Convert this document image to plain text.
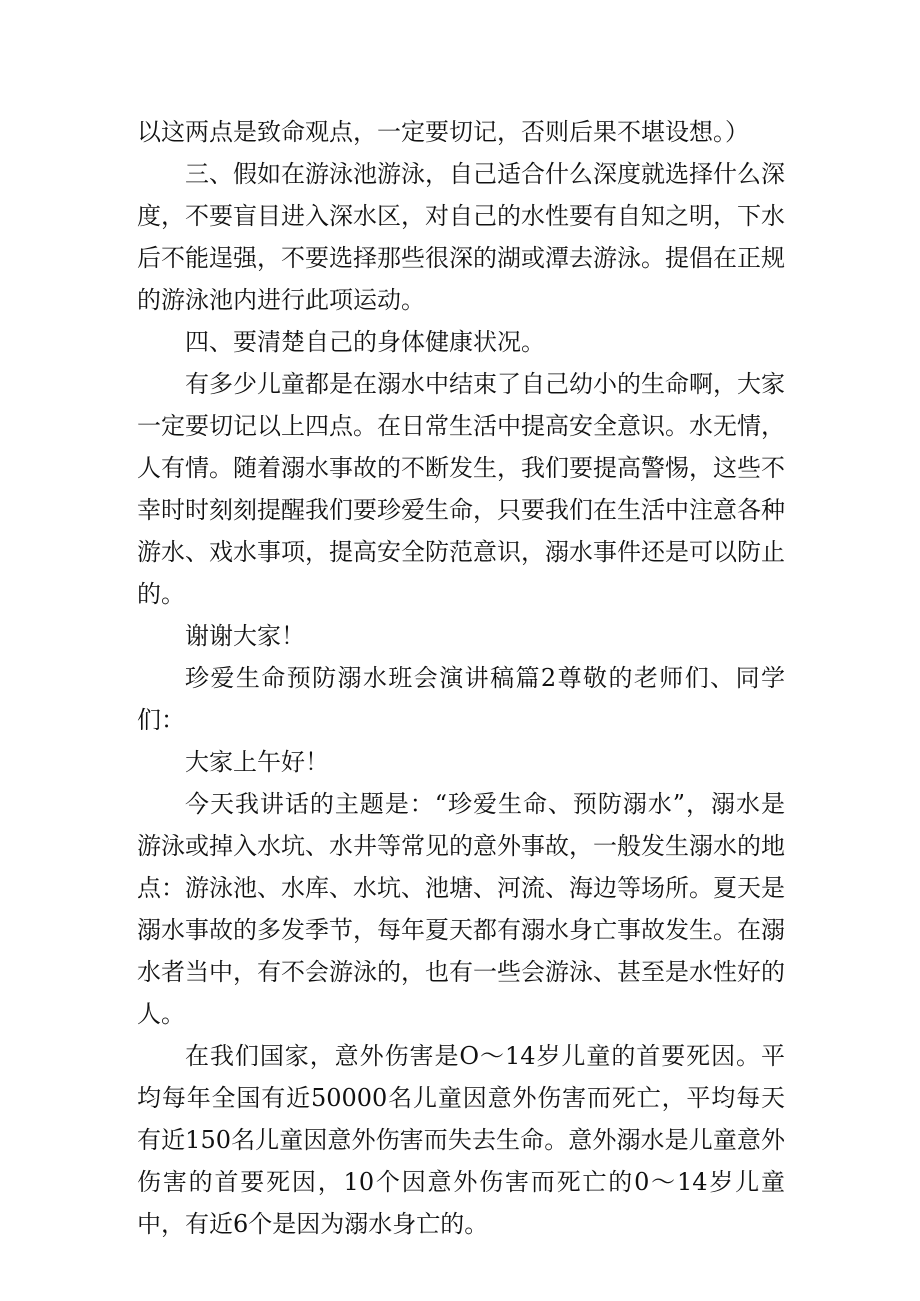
以这两点是致命观点，一定要切记，否则后果不堪设想。）

三、假如在游泳池游泳，自己适合什么深度就选择什么深度，不要盲目进入深水区，对自己的水性要有自知之明，下水后不能逞强，不要选择那些很深的湖或潭去游泳。提倡在正规的游泳池内进行此项运动。

四、要清楚自己的身体健康状况。

有多少儿童都是在溺水中结束了自己幼小的生命啊，大家一定要切记以上四点。在日常生活中提高安全意识。水无情，人有情。随着溺水事故的不断发生，我们要提高警惕，这些不幸时时刻刻提醒我们要珍爱生命，只要我们在生活中注意各种游水、戏水事项，提高安全防范意识，溺水事件还是可以防止的。

谢谢大家！

珍爱生命预防溺水班会演讲稿篇2尊敬的老师们、同学们：

大家上午好！

今天我讲话的主题是：“珍爱生命、预防溺水”，溺水是游泳或掉入水坑、水井等常见的意外事故，一般发生溺水的地点：游泳池、水库、水坑、池塘、河流、海边等场所。夏天是溺水事故的多发季节，每年夏天都有溺水身亡事故发生。在溺水者当中，有不会游泳的，也有一些会游泳、甚至是水性好的人。

在我们国家，意外伤害是O～14岁儿童的首要死因。平均每年全国有近50000名儿童因意外伤害而死亡，平均每天有近150名儿童因意外伤害而失去生命。意外溺水是儿童意外伤害的首要死因，10个因意外伤害而死亡的0～14岁儿童中，有近6个是因为溺水身亡的。
